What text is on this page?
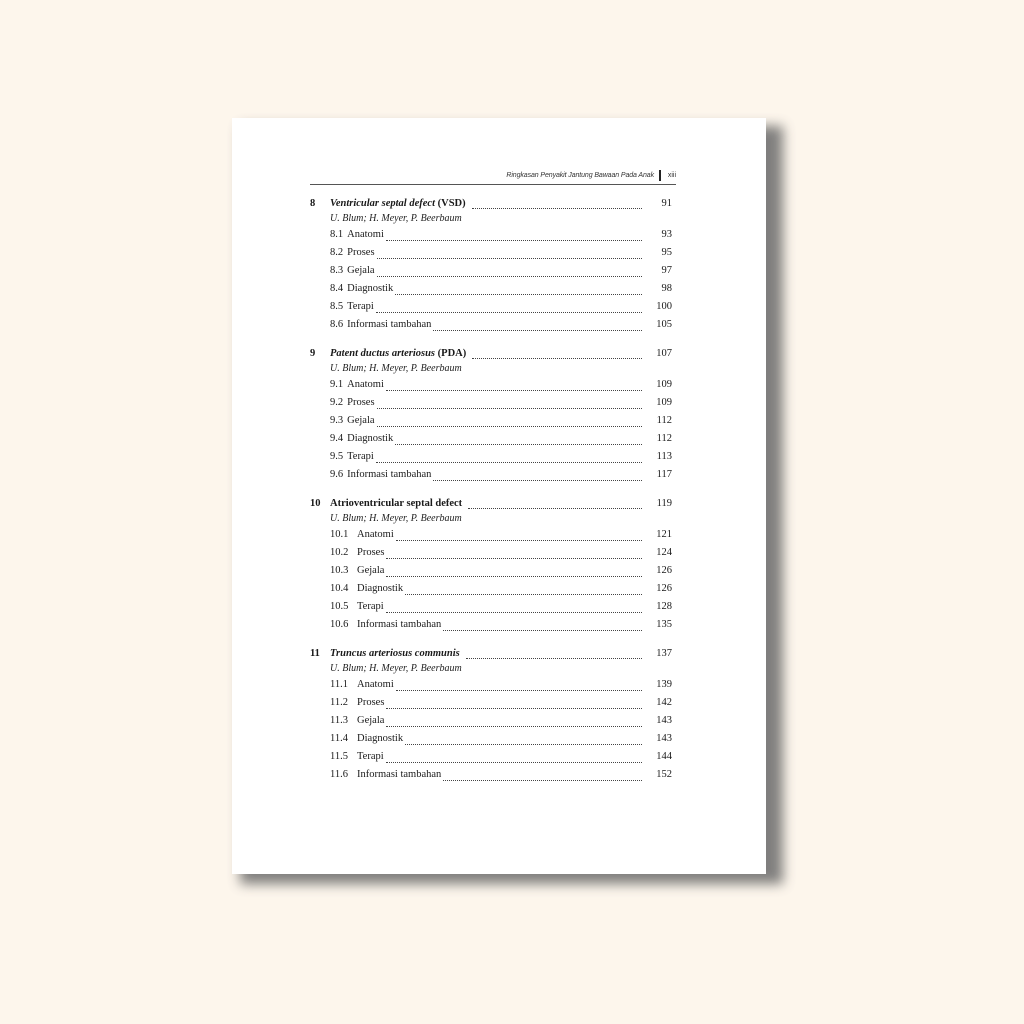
Ringkasan Penyakit Jantung Bawaan Pada Anak xiii
8	Ventricular septal defect (VSD)	91
U. Blum; H. Meyer, P. Beerbaum
8.1 Anatomi	93
8.2 Proses	95
8.3 Gejala	97
8.4 Diagnostik	98
8.5 Terapi	100
8.6 Informasi tambahan	105
9	Patent ductus arteriosus (PDA)	107
U. Blum; H. Meyer, P. Beerbaum
9.1 Anatomi	109
9.2 Proses	109
9.3 Gejala	112
9.4 Diagnostik	112
9.5 Terapi	113
9.6 Informasi tambahan	117
10 Atrioventricular septal defect	119
U. Blum; H. Meyer, P. Beerbaum
10.1 Anatomi	121
10.2 Proses	124
10.3 Gejala	126
10.4 Diagnostik	126
10.5 Terapi	128
10.6 Informasi tambahan	135
11 Truncus arteriosus communis	137
U. Blum; H. Meyer, P. Beerbaum
11.1 Anatomi	139
11.2 Proses	142
11.3 Gejala	143
11.4 Diagnostik	143
11.5 Terapi	144
11.6 Informasi tambahan	152
